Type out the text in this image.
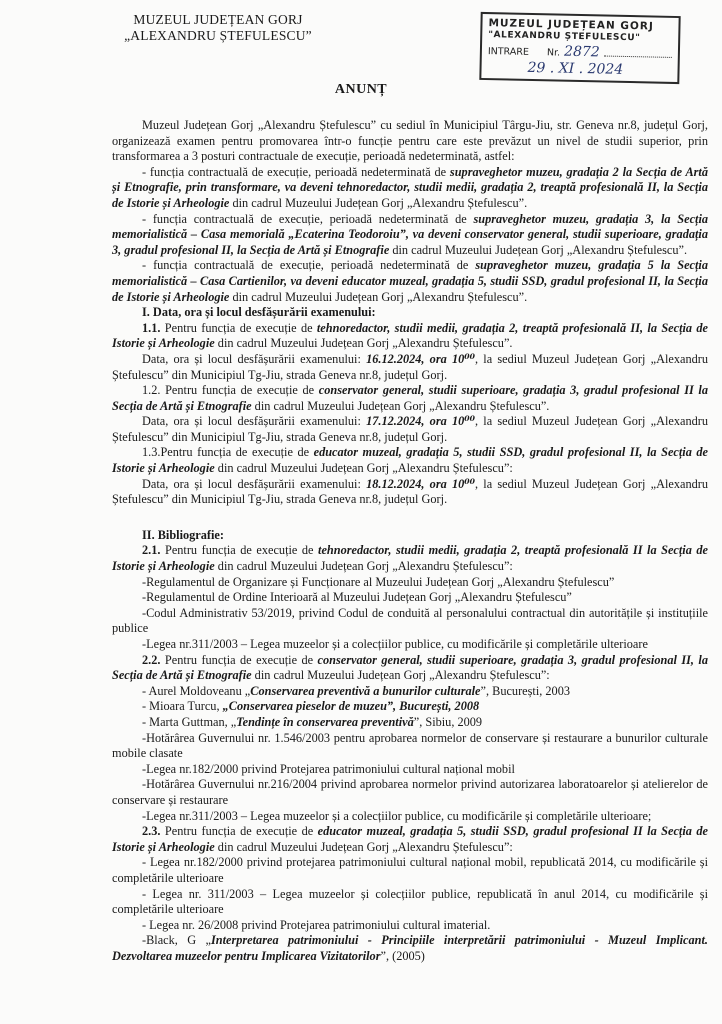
MUZEUL JUDEȚEAN GORJ
„ALEXANDRU ȘTEFULESCU”
MUZEUL JUDEȚEAN GORJ
"ALEXANDRU ȘTEFULESCU"
INTRARE Nr. 2872
29 . XI . 2024
ANUNȚ

Muzeul Județean Gorj „Alexandru Ștefulescu” cu sediul în Municipiul Târgu-Jiu, str. Geneva nr.8, județul Gorj, organizează examen pentru promovarea într-o funcție pentru care este prevăzut un nivel de studii superior, prin transformarea a 3 posturi contractuale de execuție, perioadă nedeterminată, astfel:

- funcția contractuală de execuție, perioadă nedeterminată de supraveghetor muzeu, gradația 2 la Secția de Artă și Etnografie, prin transformare, va deveni tehnoredactor, studii medii, gradația 2, treaptă profesională II, la Secția de Istorie și Arheologie din cadrul Muzeului Județean Gorj „Alexandru Ștefulescu”.

- funcția contractuală de execuție, perioadă nedeterminată de supraveghetor muzeu, gradația 3, la Secția memorialistică – Casa memorială „Ecaterina Teodoroiu”, va deveni conservator general, studii superioare, gradația 3, gradul profesional II, la Secția de Artă și Etnografie din cadrul Muzeului Județean Gorj „Alexandru Ștefulescu”.

- funcția contractuală de execuție, perioadă nedeterminată de supraveghetor muzeu, gradația 5 la Secția memorialistică – Casa Cartienilor, va deveni educator muzeal, gradația 5, studii SSD, gradul profesional II, la Secția de Istorie și Arheologie din cadrul Muzeului Județean Gorj „Alexandru Ștefulescu”.

I. Data, ora și locul desfășurării examenului:

1.1. Pentru funcția de execuție de tehnoredactor, studii medii, gradația 2, treaptă profesională II, la Secția de Istorie și Arheologie din cadrul Muzeului Județean Gorj „Alexandru Ștefulescu”.

Data, ora și locul desfășurării examenului: 16.12.2024, ora 10⁰⁰, la sediul Muzeul Județean Gorj „Alexandru Ștefulescu” din Municipiul Tg-Jiu, strada Geneva nr.8, județul Gorj.

1.2. Pentru funcția de execuție de conservator general, studii superioare, gradația 3, gradul profesional II la Secția de Artă și Etnografie din cadrul Muzeului Județean Gorj „Alexandru Ștefulescu”.

Data, ora și locul desfășurării examenului: 17.12.2024, ora 10⁰⁰, la sediul Muzeul Județean Gorj „Alexandru Ștefulescu” din Municipiul Tg-Jiu, strada Geneva nr.8, județul Gorj.

1.3.Pentru funcția de execuție de educator muzeal, gradația 5, studii SSD, gradul profesional II, la Secția de Istorie și Arheologie din cadrul Muzeului Județean Gorj „Alexandru Ștefulescu”:

Data, ora și locul desfășurării examenului: 18.12.2024, ora 10⁰⁰, la sediul Muzeul Județean Gorj „Alexandru Ștefulescu” din Municipiul Tg-Jiu, strada Geneva nr.8, județul Gorj.

II. Bibliografie:

2.1. Pentru funcția de execuție de tehnoredactor, studii medii, gradația 2, treaptă profesională II la Secția de Istorie și Arheologie din cadrul Muzeului Județean Gorj „Alexandru Ștefulescu”:

-Regulamentul de Organizare și Funcționare al Muzeului Județean Gorj „Alexandru Ștefulescu”

-Regulamentul de Ordine Interioară al Muzeului Județean Gorj „Alexandru Ștefulescu”

-Codul Administrativ 53/2019, privind Codul de conduită al personalului contractual din autoritățile și instituțiile publice

-Legea nr.311/2003 – Legea muzeelor și a colecțiilor publice, cu modificările și completările ulterioare

2.2. Pentru funcția de execuție de conservator general, studii superioare, gradația 3, gradul profesional II, la Secția de Artă și Etnografie din cadrul Muzeului Județean Gorj „Alexandru Ștefulescu”:

- Aurel Moldoveanu „Conservarea preventivă a bunurilor culturale”, București, 2003

- Mioara Turcu, „Conservarea pieselor de muzeu”, București, 2008

- Marta Guttman, „Tendințe în conservarea preventivă”, Sibiu, 2009

-Hotărârea Guvernului nr. 1.546/2003 pentru aprobarea normelor de conservare și restaurare a bunurilor culturale mobile clasate

-Legea nr.182/2000 privind Protejarea patrimoniului cultural național mobil

-Hotărârea Guvernului nr.216/2004 privind aprobarea normelor privind autorizarea laboratoarelor și atelierelor de conservare și restaurare

-Legea nr.311/2003 – Legea muzeelor și a colecțiilor publice, cu modificările și completările ulterioare;

2.3. Pentru funcția de execuție de educator muzeal, gradația 5, studii SSD, gradul profesional II la Secția de Istorie și Arheologie din cadrul Muzeului Județean Gorj „Alexandru Ștefulescu”:

- Legea nr.182/2000 privind protejarea patrimoniului cultural național mobil, republicată 2014, cu modificările și completările ulterioare

- Legea nr. 311/2003 – Legea muzeelor și colecțiilor publice, republicată în anul 2014, cu modificările și completările ulterioare

- Legea nr. 26/2008 privind Protejarea patrimoniului cultural imaterial.

-Black, G „Interpretarea patrimoniului - Principiile interpretării patrimoniului - Muzeul Implicant. Dezvoltarea muzeelor pentru Implicarea Vizitatorilor”, (2005)
